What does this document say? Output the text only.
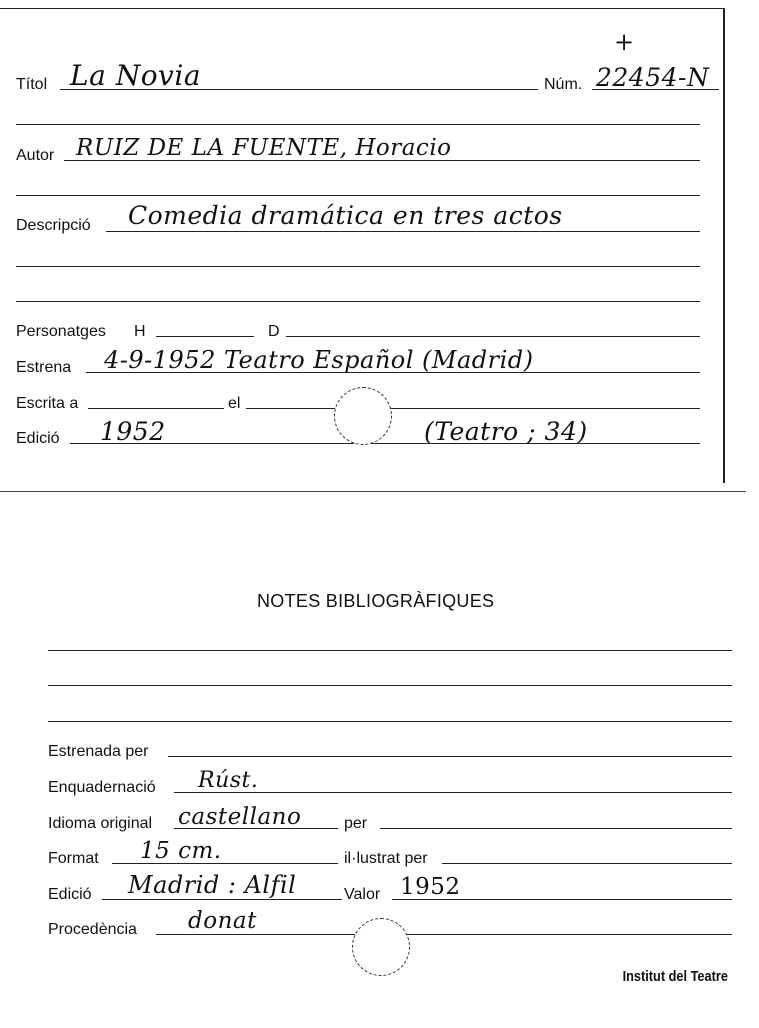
Títol La Novia	Núm. 22454-N
+
Autor RUIZ DE LA FUENTE, Horacio
Descripció Comedia dramática en tres actos
Personatges H	D
Estrena 4-9-1952 Teatro Español (Madrid)
Escrita a	el
Edició 1952	(Teatro ; 34)
NOTES BIBLIOGRÀFIQUES
Estrenada per
Enquadernació Rúst.
Idioma original castellano	per
Format 15 cm.	il·lustrat per
Edició Madrid : Alfil	Valor 1952
Procedència donat
Institut del Teatre
